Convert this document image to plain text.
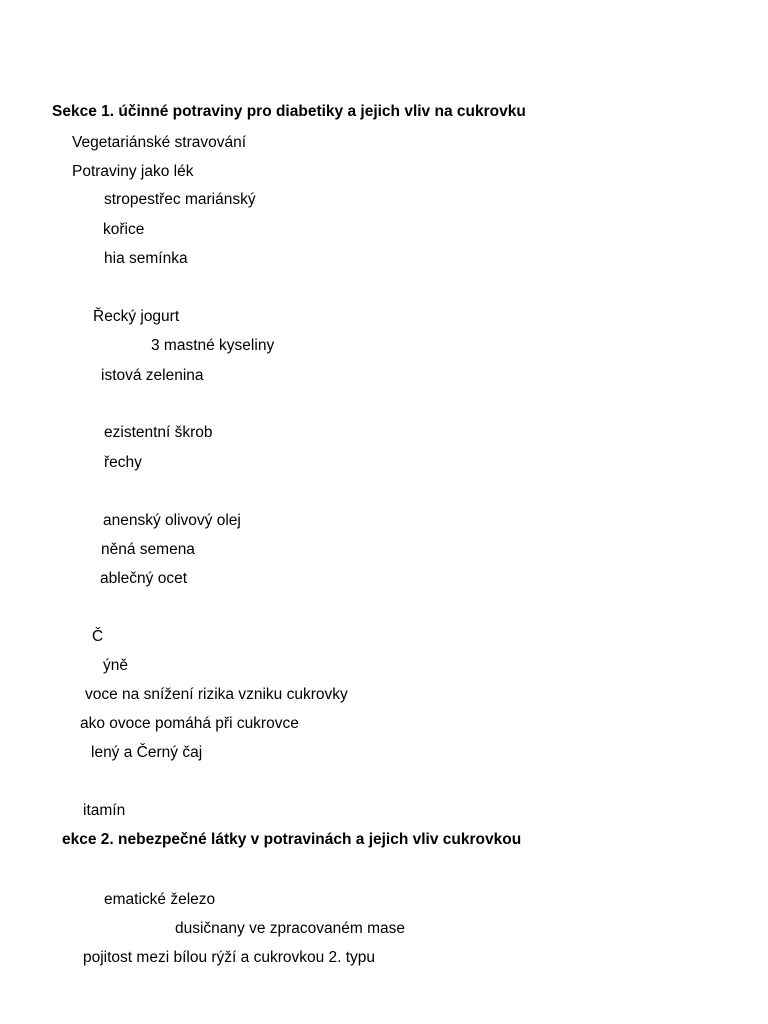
Sekce 1. účinné potraviny pro diabetiky a jejich vliv na cukrovku
Vegetariánské stravování
Potraviny jako lék
stropestřec mariánský
kořice
hia semínka
Řecký jogurt
3 mastné kyseliny
istová zelenina
ezistentní škrob
řechy
anenský olivový olej
něná semena
ablečný ocet
Č
ýně
voce na snížení rizika vzniku cukrovky
ako ovoce pomáhá při cukrovce
lený a Černý čaj
itamín
ekce 2. nebezpečné látky v potravinách a jejich vliv cukrovkou
ematické železo
dusičnany ve zpracovaném mase
pojitost mezi bílou rýží a cukrovkou 2. typu
